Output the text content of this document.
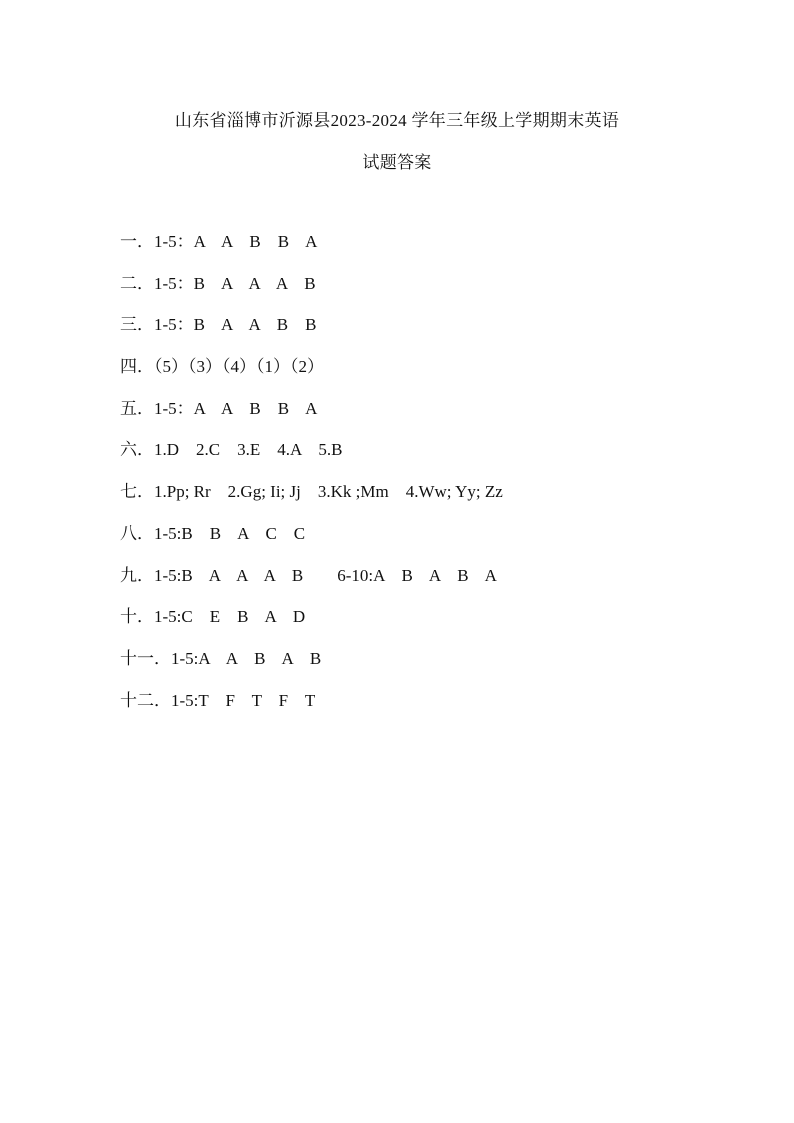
山东省淄博市沂源县2023-2024 学年三年级上学期期末英语
试题答案
一．1-5：A    A    B    B    A
二．1-5：B    A    A    A    B
三．1-5：B    A    A    B    B
四．（5）（3）（4）（1）（2）
五．1-5：A    A    B    B    A
六．1.D    2.C    3.E    4.A    5.B
七．1.Pp; Rr    2.Gg; Ii; Jj    3.Kk ;Mm    4.Ww; Yy; Zz
八．1-5:B    B    A    C    C
九．1-5:B    A    A    A    B        6-10:A    B    A    B    A
十．1-5:C    E    B    A    D
十一．1-5:A    A    B    A    B
十二．1-5:T    F    T    F    T
